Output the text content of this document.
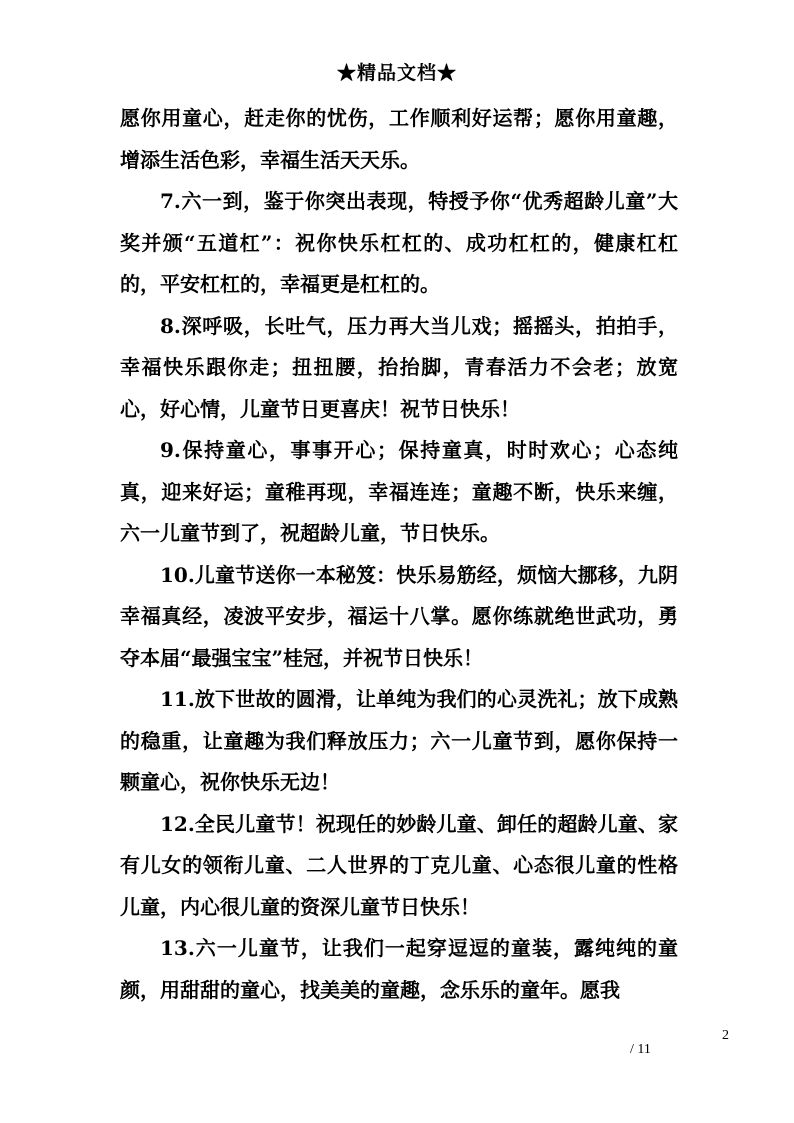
★精品文档★

愿你用童心，赶走你的忧伤，工作顺利好运帮；愿你用童趣，增添生活色彩，幸福生活天天乐。

7.六一到，鉴于你突出表现，特授予你“优秀超龄儿童”大奖并颁“五道杠”：祝你快乐杠杠的、成功杠杠的，健康杠杠的，平安杠杠的，幸福更是杠杠的。

8.深呼吸，长吐气，压力再大当儿戏；摇摇头，拍拍手，幸福快乐跟你走；扭扭腰，抬抬脚，青春活力不会老；放宽心，好心情，儿童节日更喜庆！祝节日快乐！

9.保持童心，事事开心；保持童真，时时欢心；心态纯真，迎来好运；童稚再现，幸福连连；童趣不断，快乐来缠，六一儿童节到了，祝超龄儿童，节日快乐。

10.儿童节送你一本秘笈：快乐易筋经，烦恼大挪移，九阴幸福真经，凌波平安步，福运十八掌。愿你练就绝世武功，勇夺本届“最强宝宝”桂冠，并祝节日快乐！

11.放下世故的圆滑，让单纯为我们的心灵洗礼；放下成熟的稳重，让童趣为我们释放压力；六一儿童节到，愿你保持一颗童心，祝你快乐无边！

12.全民儿童节！祝现任的妙龄儿童、卸任的超龄儿童、家有儿女的领衔儿童、二人世界的丁克儿童、心态很儿童的性格儿童，内心很儿童的资深儿童节日快乐！

13.六一儿童节，让我们一起穿逗逗的童装，露纯纯的童颜，用甜甜的童心，找美美的童趣，念乐乐的童年。愿我

2
/ 11
